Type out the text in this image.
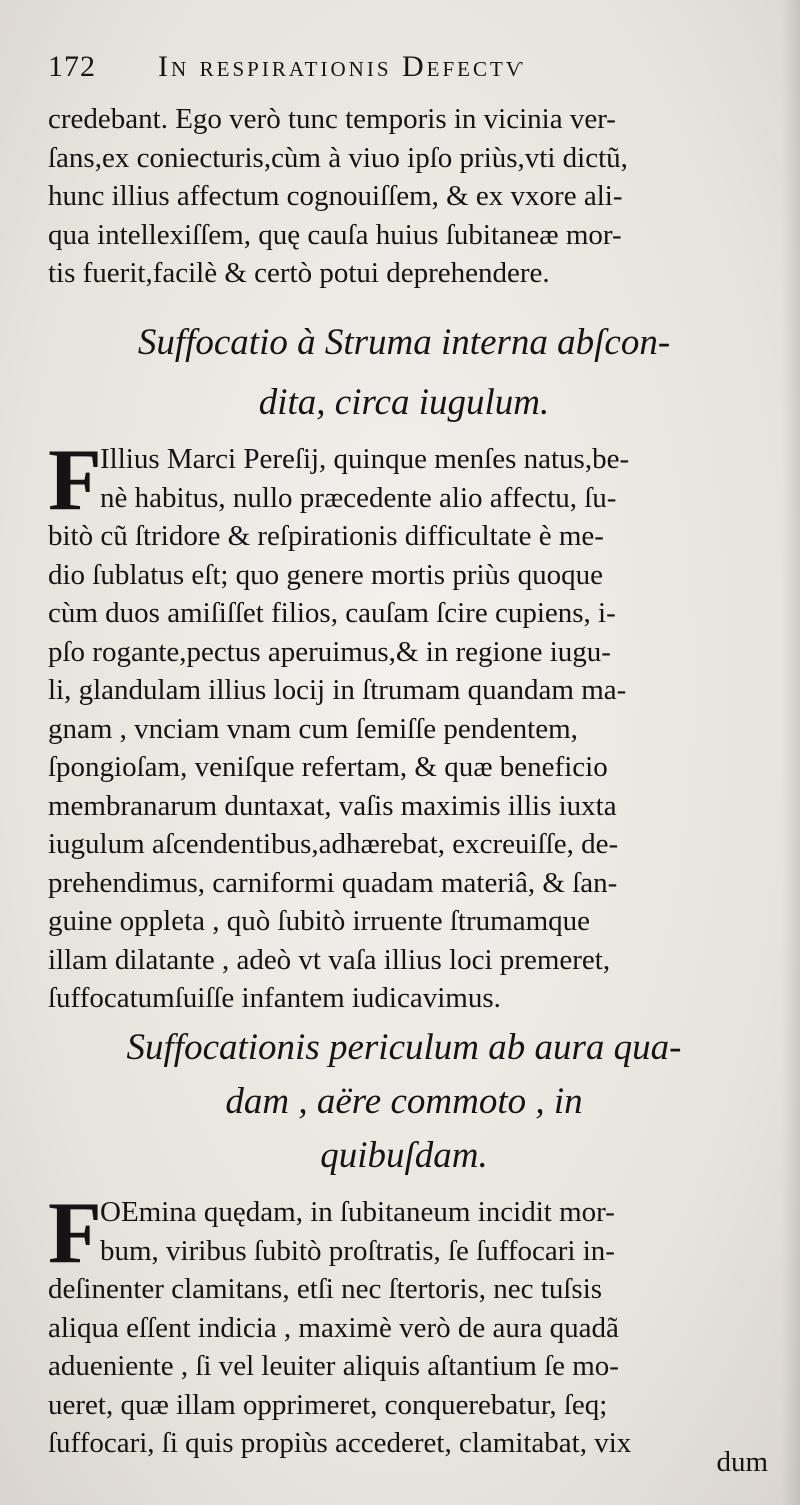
172 In respirationis Defectѵ
credebant. Ego verò tunc temporis in vicinia ver-
ſans,ex coniecturis,cùm à viuo ipſo priùs,vti dictũ,
hunc illius affectum cognouiſſem, & ex vxore ali-
qua intellexiſſem, quę cauſa huius ſubitaneæ mor-
tis fuerit,facilè & certò potui deprehendere.
Suffocatio à Struma interna abſcon-
dita, circa iugulum.
F
Illius Marci Pereſij, quinque menſes natus,be-
nè habitus, nullo præcedente alio affectu, ſu-
bitò cũ ſtridore & reſpirationis difficultate è me-
dio ſublatus eſt; quo genere mortis priùs quoque
cùm duos amiſiſſet filios, cauſam ſcire cupiens, i-
pſo rogante,pectus aperuimus,& in regione iugu-
li, glandulam illius locij in ſtrumam quandam ma-
gnam , vnciam vnam cum ſemiſſe pendentem,
ſpongioſam, veniſque refertam, & quæ beneficio
membranarum duntaxat, vaſis maximis illis iuxta
iugulum aſcendentibus,adhærebat, excreuiſſe, de-
prehendimus, carniformi quadam materiâ, & ſan-
guine oppleta , quò ſubitò irruente ſtrumamque
illam dilatante , adeò vt vaſa illius loci premeret,
ſuffocatumſuiſſe infantem iudicavimus.
Suffocationis periculum ab aura qua-
dam , aëre commoto , in
quibuſdam.
F
OEmina quędam, in ſubitaneum incidit mor-
bum, viribus ſubitò proſtratis, ſe ſuffocari in-
deſinenter clamitans, etſi nec ſtertoris, nec tuſsis
aliqua eſſent indicia , maximè verò de aura quadã
adueniente , ſi vel leuiter aliquis aſtantium ſe mo-
ueret, quæ illam opprimeret, conquerebatur, ſeq;
ſuffocari, ſi quis propiùs accederet, clamitabat, vix
dum
